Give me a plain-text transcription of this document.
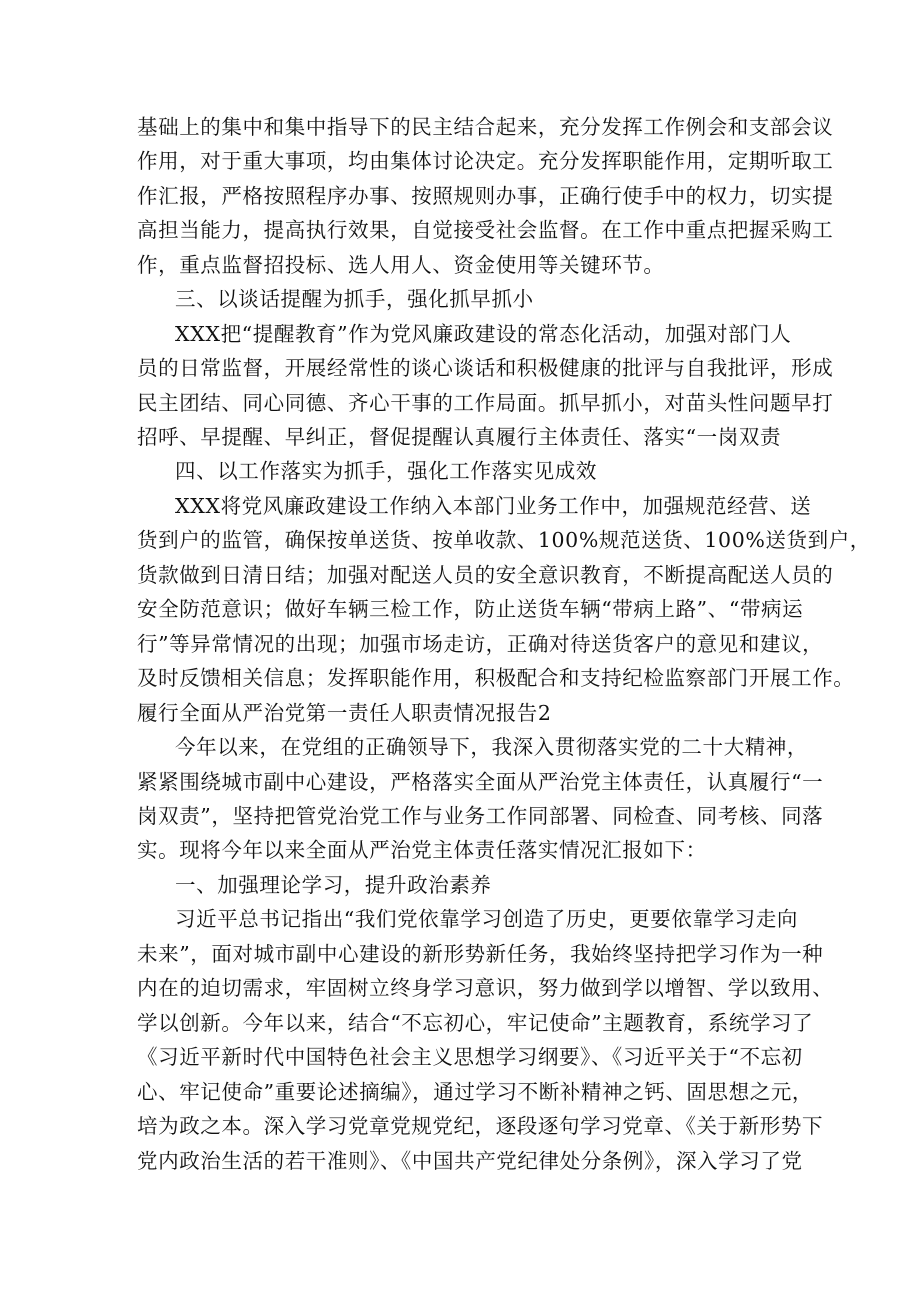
基础上的集中和集中指导下的民主结合起来，充分发挥工作例会和支部会议
作用，对于重大事项，均由集体讨论决定。充分发挥职能作用，定期听取工
作汇报，严格按照程序办事、按照规则办事，正确行使手中的权力，切实提
高担当能力，提高执行效果，自觉接受社会监督。在工作中重点把握采购工
作，重点监督招投标、选人用人、资金使用等关键环节。
三、以谈话提醒为抓手，强化抓早抓小
XXX把“提醒教育”作为党风廉政建设的常态化活动，加强对部门人
员的日常监督，开展经常性的谈心谈话和积极健康的批评与自我批评，形成
民主团结、同心同德、齐心干事的工作局面。抓早抓小，对苗头性问题早打
招呼、早提醒、早纠正，督促提醒认真履行主体责任、落实“一岗双责
四、以工作落实为抓手，强化工作落实见成效
XXX将党风廉政建设工作纳入本部门业务工作中，加强规范经营、送
货到户的监管，确保按单送货、按单收款、100%规范送货、100%送货到户，
货款做到日清日结；加强对配送人员的安全意识教育，不断提高配送人员的
安全防范意识；做好车辆三检工作，防止送货车辆“带病上路”、“带病运
行”等异常情况的出现；加强市场走访，正确对待送货客户的意见和建议，
及时反馈相关信息；发挥职能作用，积极配合和支持纪检监察部门开展工作。
履行全面从严治党第一责任人职责情况报告2
今年以来，在党组的正确领导下，我深入贯彻落实党的二十大精神，
紧紧围绕城市副中心建设，严格落实全面从严治党主体责任，认真履行“一
岗双责”，坚持把管党治党工作与业务工作同部署、同检查、同考核、同落
实。现将今年以来全面从严治党主体责任落实情况汇报如下：
一、加强理论学习，提升政治素养
习近平总书记指出“我们党依靠学习创造了历史，更要依靠学习走向
未来”，面对城市副中心建设的新形势新任务，我始终坚持把学习作为一种
内在的迫切需求，牢固树立终身学习意识，努力做到学以增智、学以致用、
学以创新。今年以来，结合“不忘初心，牢记使命”主题教育，系统学习了
《习近平新时代中国特色社会主义思想学习纲要》、《习近平关于“不忘初
心、牢记使命”重要论述摘编》，通过学习不断补精神之钙、固思想之元，
培为政之本。深入学习党章党规党纪，逐段逐句学习党章、《关于新形势下
党内政治生活的若干准则》、《中国共产党纪律处分条例》，深入学习了党
